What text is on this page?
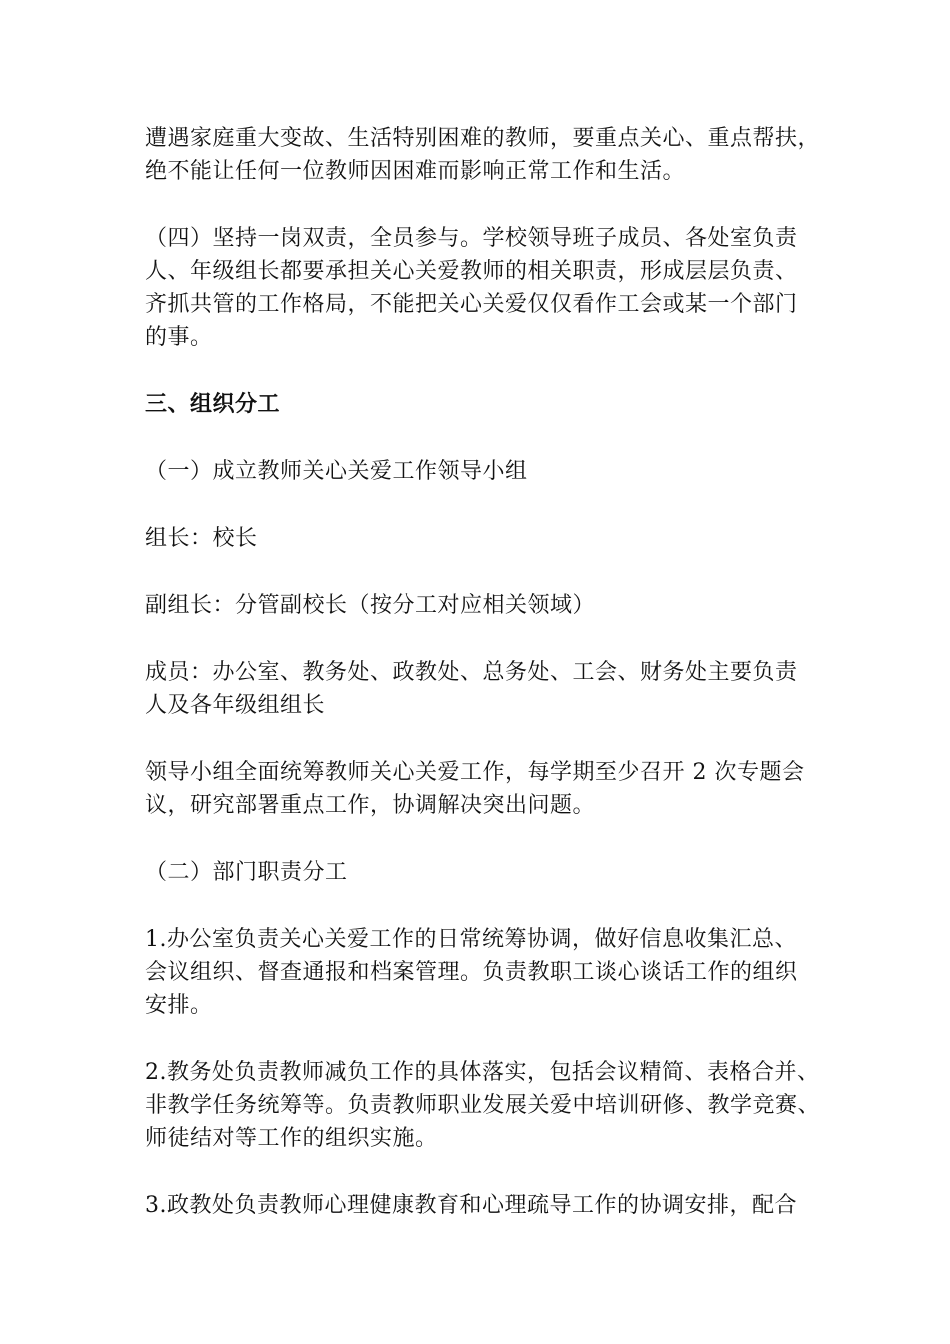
遭遇家庭重大变故、生活特别困难的教师，要重点关心、重点帮扶，
绝不能让任何一位教师因困难而影响正常工作和生活。
（四）坚持一岗双责，全员参与。学校领导班子成员、各处室负责
人、年级组长都要承担关心关爱教师的相关职责，形成层层负责、
齐抓共管的工作格局，不能把关心关爱仅仅看作工会或某一个部门
的事。
三、组织分工
（一）成立教师关心关爱工作领导小组
组长：校长
副组长：分管副校长（按分工对应相关领域）
成员：办公室、教务处、政教处、总务处、工会、财务处主要负责
人及各年级组组长
领导小组全面统筹教师关心关爱工作，每学期至少召开 2 次专题会
议，研究部署重点工作，协调解决突出问题。
（二）部门职责分工
1.办公室负责关心关爱工作的日常统筹协调，做好信息收集汇总、
会议组织、督查通报和档案管理。负责教职工谈心谈话工作的组织
安排。
2.教务处负责教师减负工作的具体落实，包括会议精简、表格合并、
非教学任务统筹等。负责教师职业发展关爱中培训研修、教学竞赛、
师徒结对等工作的组织实施。
3.政教处负责教师心理健康教育和心理疏导工作的协调安排，配合
